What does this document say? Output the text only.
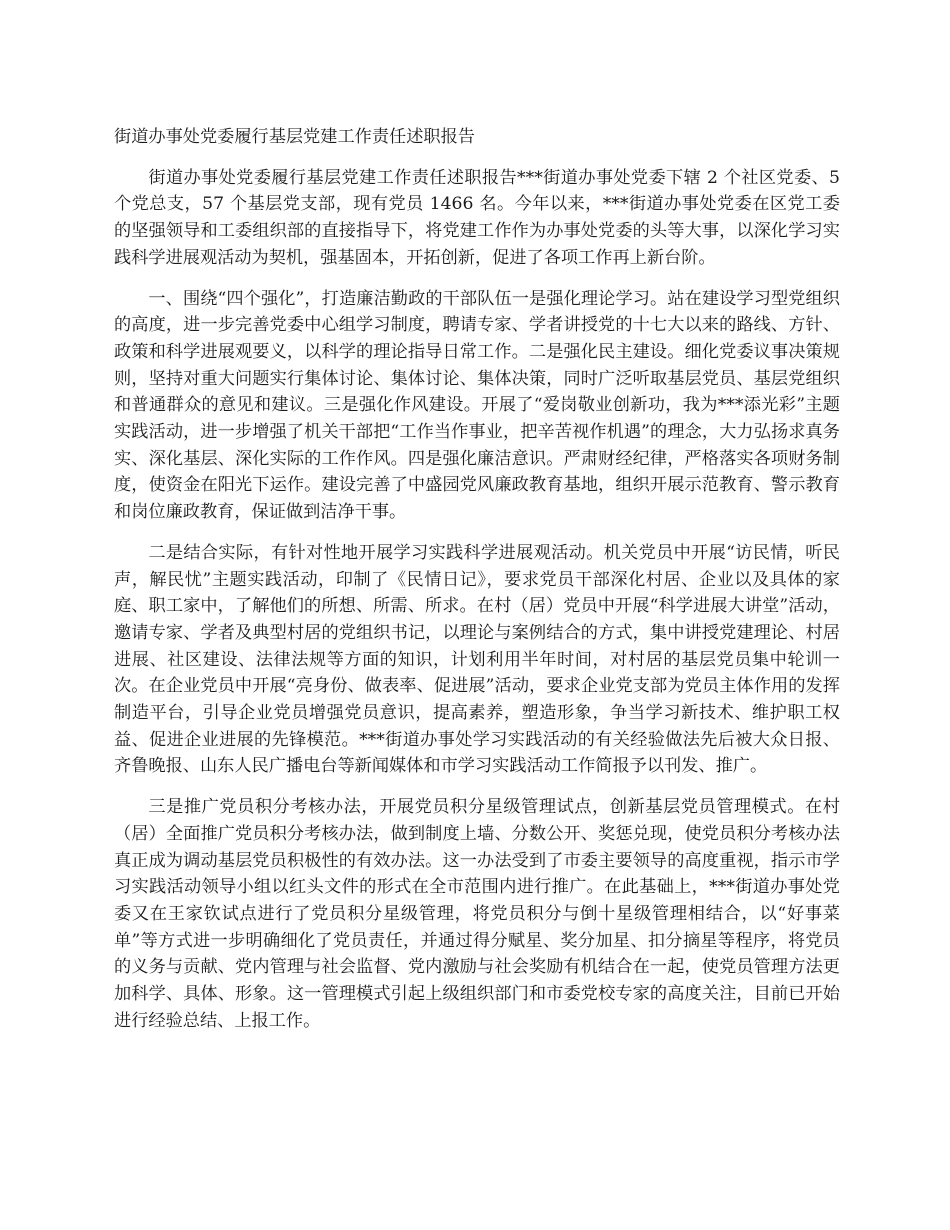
街道办事处党委履行基层党建工作责任述职报告

街道办事处党委履行基层党建工作责任述职报告***街道办事处党委下辖 2 个社区党委、5 个党总支，57 个基层党支部，现有党员 1466 名。今年以来，***街道办事处党委在区党工委的坚强领导和工委组织部的直接指导下，将党建工作作为办事处党委的头等大事，以深化学习实践科学进展观活动为契机，强基固本，开拓创新，促进了各项工作再上新台阶。

一、围绕“四个强化”，打造廉洁勤政的干部队伍一是强化理论学习。站在建设学习型党组织的高度，进一步完善党委中心组学习制度，聘请专家、学者讲授党的十七大以来的路线、方针、政策和科学进展观要义，以科学的理论指导日常工作。二是强化民主建设。细化党委议事决策规则，坚持对重大问题实行集体讨论、集体讨论、集体决策，同时广泛听取基层党员、基层党组织和普通群众的意见和建议。三是强化作风建设。开展了“爱岗敬业创新功，我为***添光彩”主题实践活动，进一步增强了机关干部把“工作当作事业，把辛苦视作机遇”的理念，大力弘扬求真务实、深化基层、深化实际的工作作风。四是强化廉洁意识。严肃财经纪律，严格落实各项财务制度，使资金在阳光下运作。建设完善了中盛园党风廉政教育基地，组织开展示范教育、警示教育和岗位廉政教育，保证做到洁净干事。

二是结合实际，有针对性地开展学习实践科学进展观活动。机关党员中开展“访民情，听民声，解民忧”主题实践活动，印制了《民情日记》，要求党员干部深化村居、企业以及具体的家庭、职工家中，了解他们的所想、所需、所求。在村（居）党员中开展“科学进展大讲堂”活动，邀请专家、学者及典型村居的党组织书记，以理论与案例结合的方式，集中讲授党建理论、村居进展、社区建设、法律法规等方面的知识，计划利用半年时间，对村居的基层党员集中轮训一次。在企业党员中开展“亮身份、做表率、促进展”活动，要求企业党支部为党员主体作用的发挥制造平台，引导企业党员增强党员意识，提高素养，塑造形象，争当学习新技术、维护职工权益、促进企业进展的先锋模范。***街道办事处学习实践活动的有关经验做法先后被大众日报、齐鲁晚报、山东人民广播电台等新闻媒体和市学习实践活动工作简报予以刊发、推广。

三是推广党员积分考核办法，开展党员积分星级管理试点，创新基层党员管理模式。在村（居）全面推广党员积分考核办法，做到制度上墙、分数公开、奖惩兑现，使党员积分考核办法真正成为调动基层党员积极性的有效办法。这一办法受到了市委主要领导的高度重视，指示市学习实践活动领导小组以红头文件的形式在全市范围内进行推广。在此基础上，***街道办事处党委又在王家钦试点进行了党员积分星级管理，将党员积分与倒十星级管理相结合，以“好事菜单”等方式进一步明确细化了党员责任，并通过得分赋星、奖分加星、扣分摘星等程序，将党员的义务与贡献、党内管理与社会监督、党内激励与社会奖励有机结合在一起，使党员管理方法更加科学、具体、形象。这一管理模式引起上级组织部门和市委党校专家的高度关注，目前已开始进行经验总结、上报工作。
